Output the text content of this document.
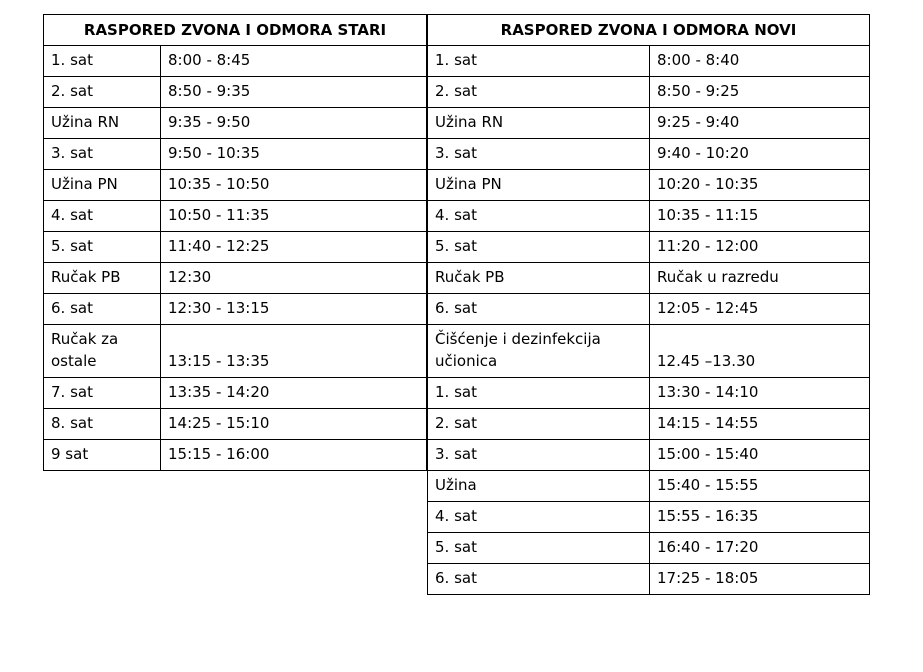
RASPORED ZVONA I ODMORA STARI	
1. sat	8:00 - 8:45
2. sat	8:50 - 9:35
Užina RN	9:35 - 9:50
3. sat	9:50 - 10:35
Užina PN	10:35 - 10:50
4. sat	10:50 - 11:35
5. sat	11:40 - 12:25
Ručak PB	12:30
6. sat	12:30 - 13:15
Ručak za ostale	13:15 - 13:35
7. sat	13:35 - 14:20
8. sat	14:25 - 15:10
9 sat	15:15 - 16:00
RASPORED ZVONA I ODMORA NOVI	
1. sat	8:00 - 8:40
2. sat	8:50 - 9:25
Užina RN	9:25 - 9:40
3. sat	9:40 - 10:20
Užina PN	10:20 - 10:35
4. sat	10:35 - 11:15
5. sat	11:20 - 12:00
Ručak PB	Ručak u razredu
6. sat	12:05 - 12:45
Čišćenje i dezinfekcija učionica	12.45 –13.30
1. sat	13:30 - 14:10
2. sat	14:15 - 14:55
3. sat	15:00 - 15:40
Užina	15:40 - 15:55
4. sat	15:55 - 16:35
5. sat	16:40 - 17:20
6. sat	17:25 - 18:05
